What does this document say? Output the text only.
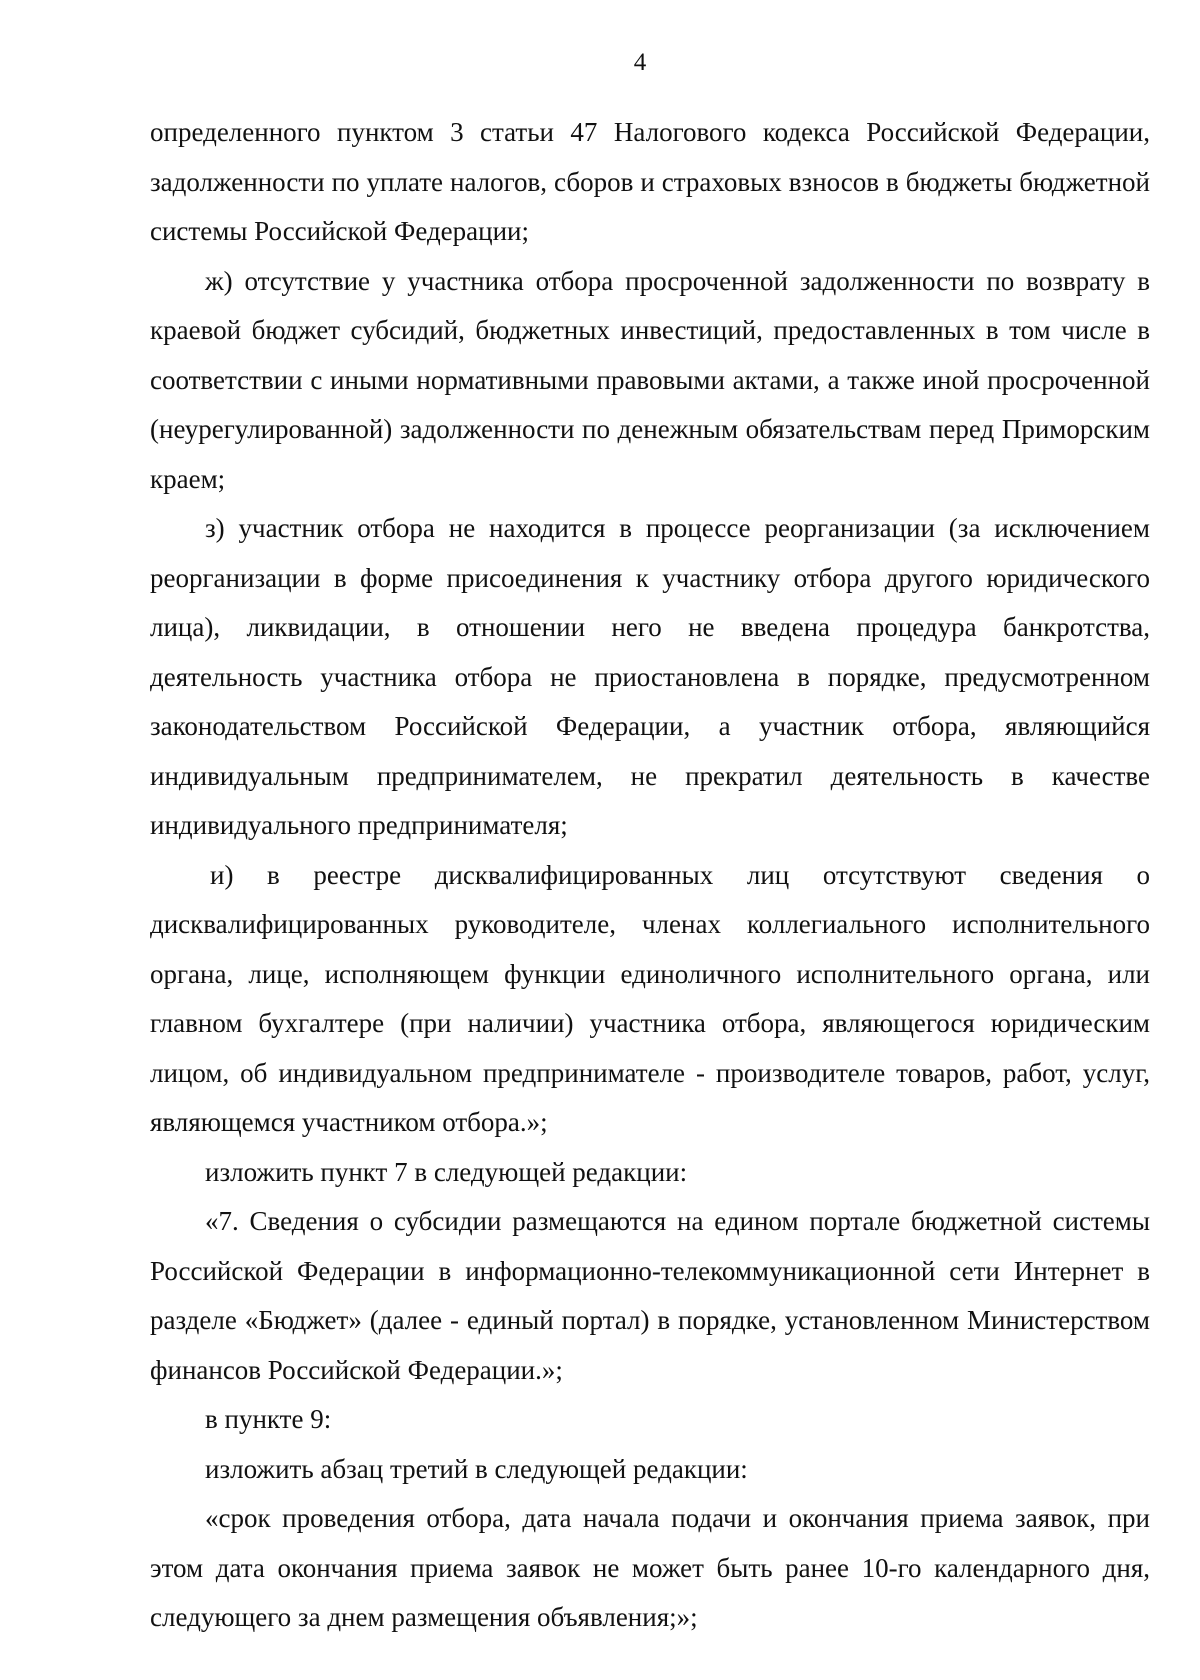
4

определенного пунктом 3 статьи 47 Налогового кодекса Российской Федерации, задолженности по уплате налогов, сборов и страховых взносов в бюджеты бюджетной системы Российской Федерации;

ж) отсутствие у участника отбора просроченной задолженности по возврату в краевой бюджет субсидий, бюджетных инвестиций, предоставленных в том числе в соответствии с иными нормативными правовыми актами, а также иной просроченной (неурегулированной) задолженности по денежным обязательствам перед Приморским краем;

з) участник отбора не находится в процессе реорганизации (за исключением реорганизации в форме присоединения к участнику отбора другого юридического лица), ликвидации, в отношении него не введена процедура банкротства, деятельность участника отбора не приостановлена в порядке, предусмотренном законодательством Российской Федерации, а участник отбора, являющийся индивидуальным предпринимателем, не прекратил деятельность в качестве индивидуального предпринимателя;

и) в реестре дисквалифицированных лиц отсутствуют сведения о дисквалифицированных руководителе, членах коллегиального исполнительного органа, лице, исполняющем функции единоличного исполнительного органа, или главном бухгалтере (при наличии) участника отбора, являющегося юридическим лицом, об индивидуальном предпринимателе - производителе товаров, работ, услуг, являющемся участником отбора.»;

изложить пункт 7 в следующей редакции:

«7. Сведения о субсидии размещаются на едином портале бюджетной системы Российской Федерации в информационно-телекоммуникационной сети Интернет в разделе «Бюджет» (далее - единый портал) в порядке, установленном Министерством финансов Российской Федерации.»;

в пункте 9:

изложить абзац третий в следующей редакции:

«срок проведения отбора, дата начала подачи и окончания приема заявок, при этом дата окончания приема заявок не может быть ранее 10-го календарного дня, следующего за днем размещения объявления;»;
